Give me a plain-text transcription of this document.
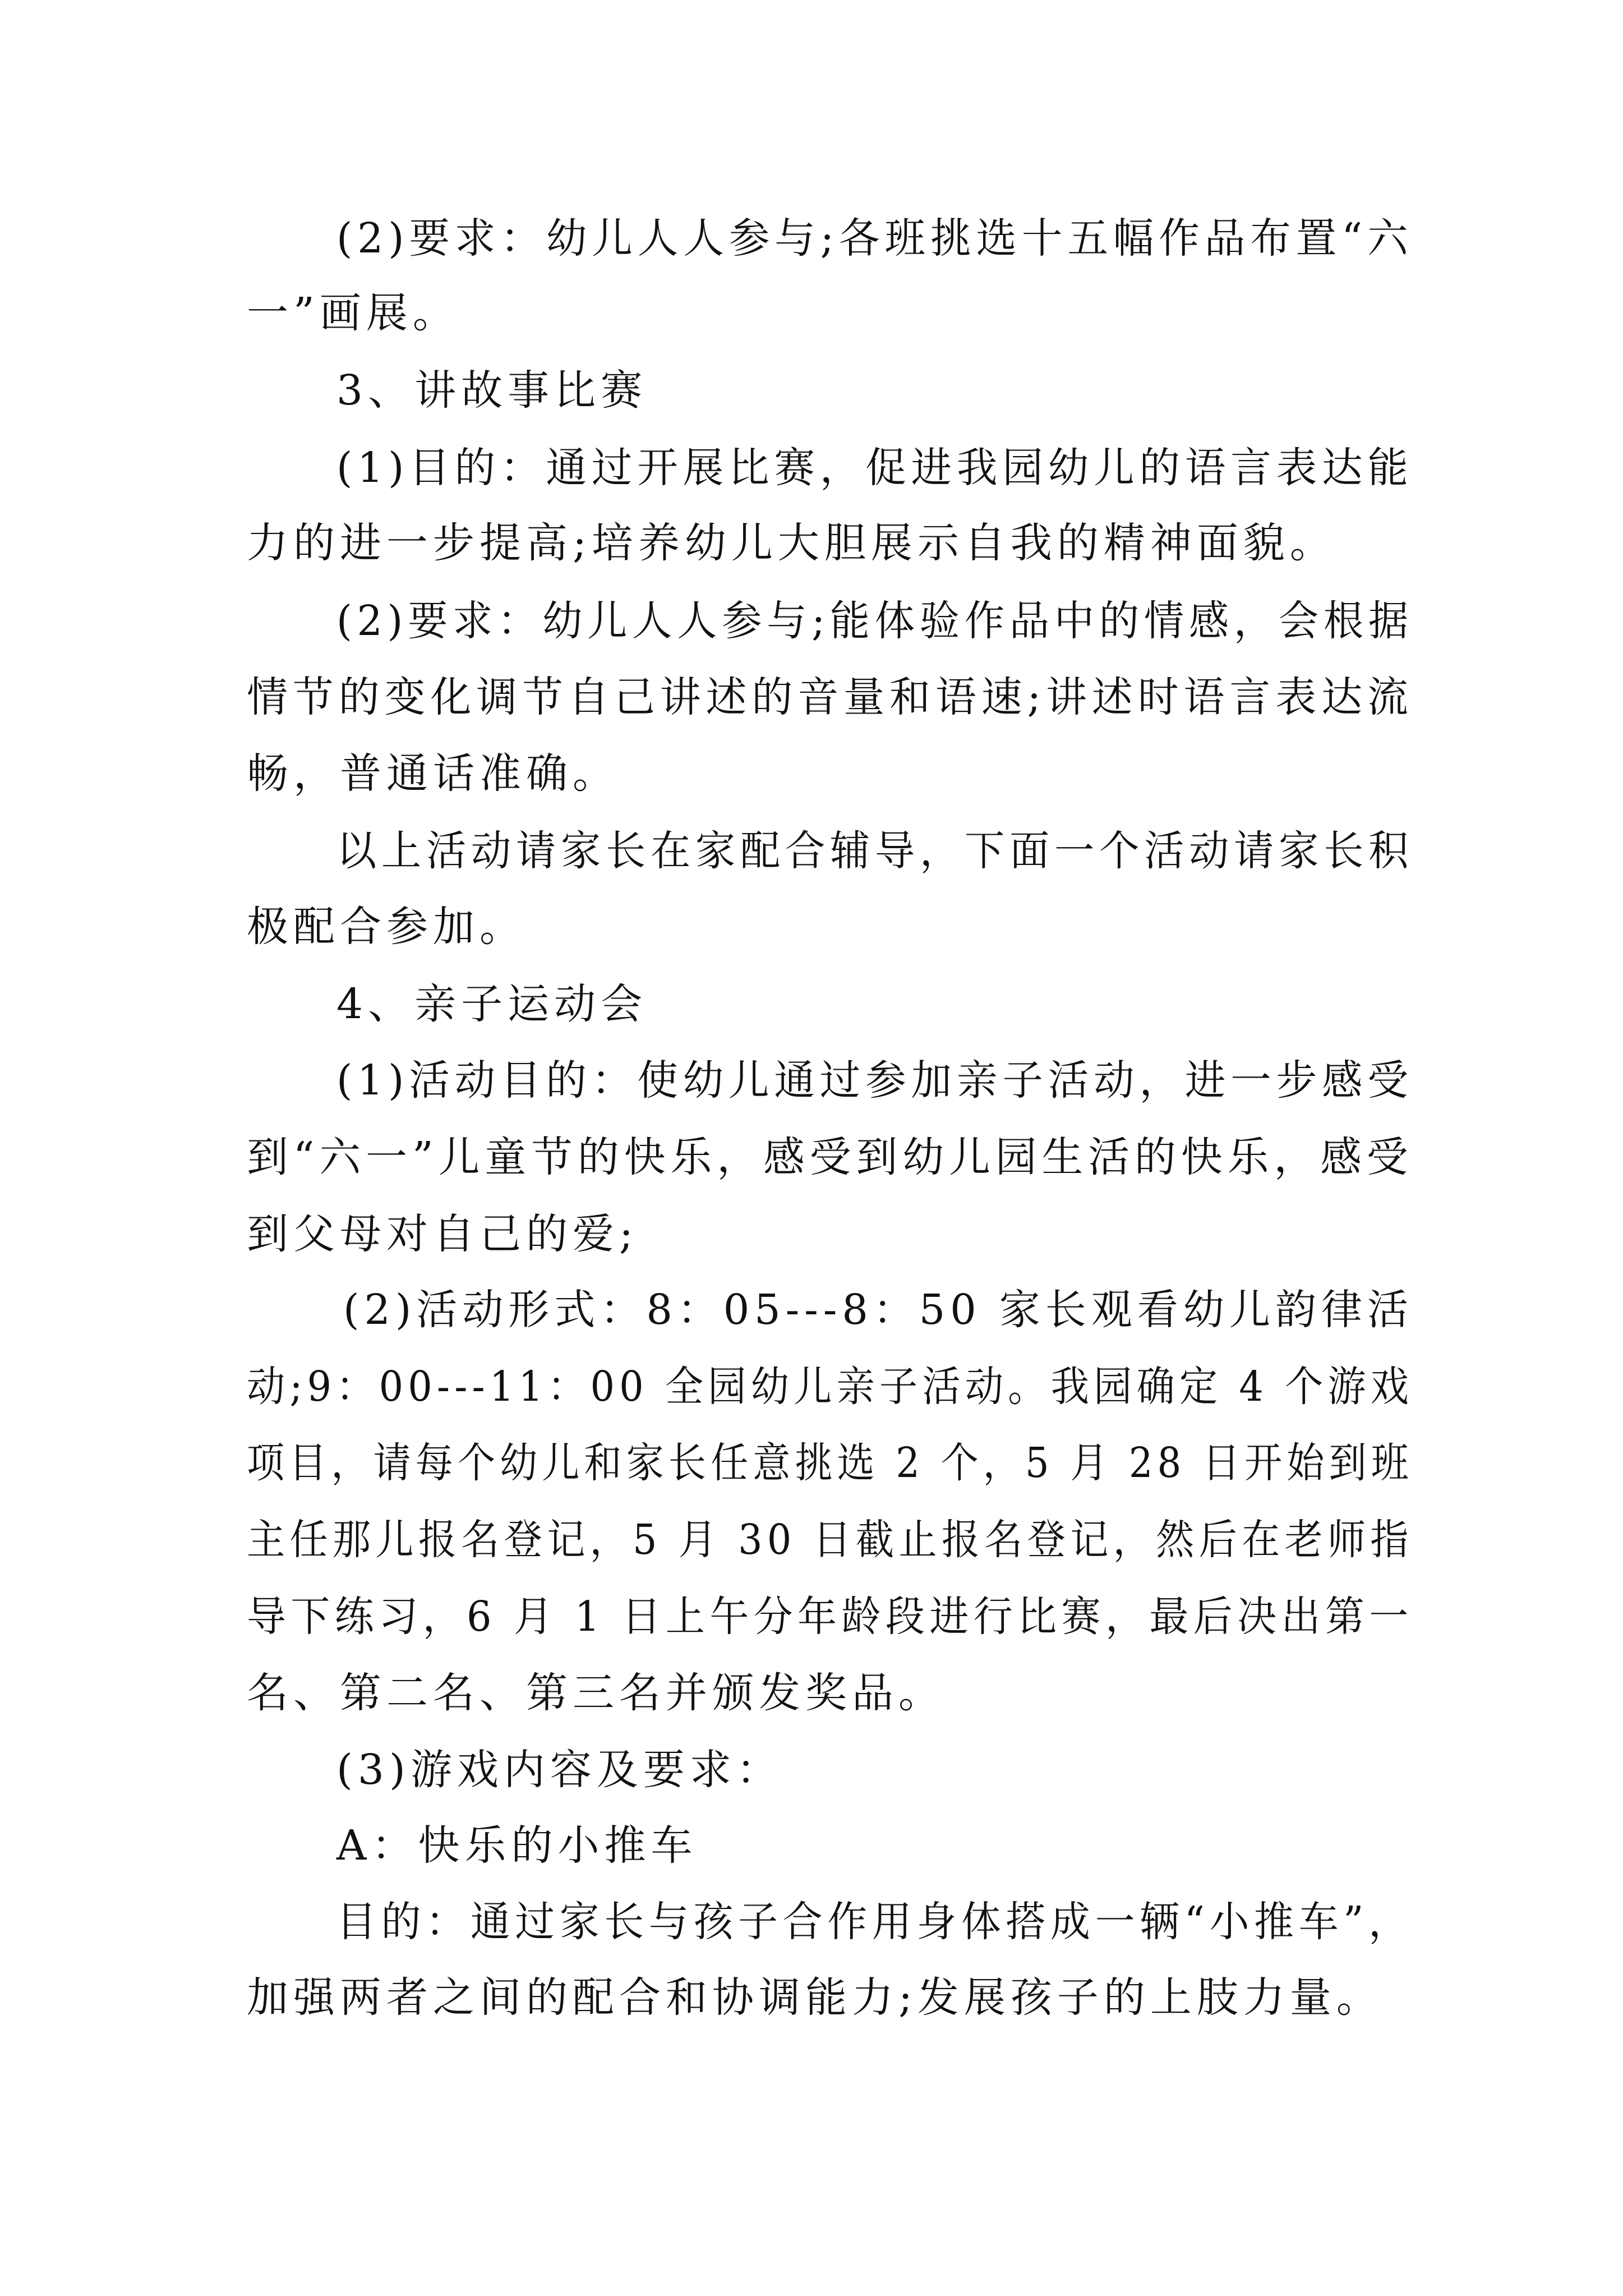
(2)要求：幼儿人人参与;各班挑选十五幅作品布置“六
一”画展。
3、讲故事比赛
(1)目的：通过开展比赛，促进我园幼儿的语言表达能
力的进一步提高;培养幼儿大胆展示自我的精神面貌。
(2)要求：幼儿人人参与;能体验作品中的情感，会根据
情节的变化调节自己讲述的音量和语速;讲述时语言表达流
畅，普通话准确。
以上活动请家长在家配合辅导，下面一个活动请家长积
极配合参加。
4、亲子运动会
(1)活动目的：使幼儿通过参加亲子活动，进一步感受
到“六一”儿童节的快乐，感受到幼儿园生活的快乐，感受
到父母对自己的爱;
(2)活动形式：8：05---8：50 家长观看幼儿韵律活
动;9：00---11：00 全园幼儿亲子活动。我园确定 4 个游戏
项目，请每个幼儿和家长任意挑选 2 个，5 月 28 日开始到班
主任那儿报名登记，5 月 30 日截止报名登记，然后在老师指
导下练习，6 月 1 日上午分年龄段进行比赛，最后决出第一
名、第二名、第三名并颁发奖品。
(3)游戏内容及要求：
A：快乐的小推车
目的：通过家长与孩子合作用身体搭成一辆“小推车”，
加强两者之间的配合和协调能力;发展孩子的上肢力量。
